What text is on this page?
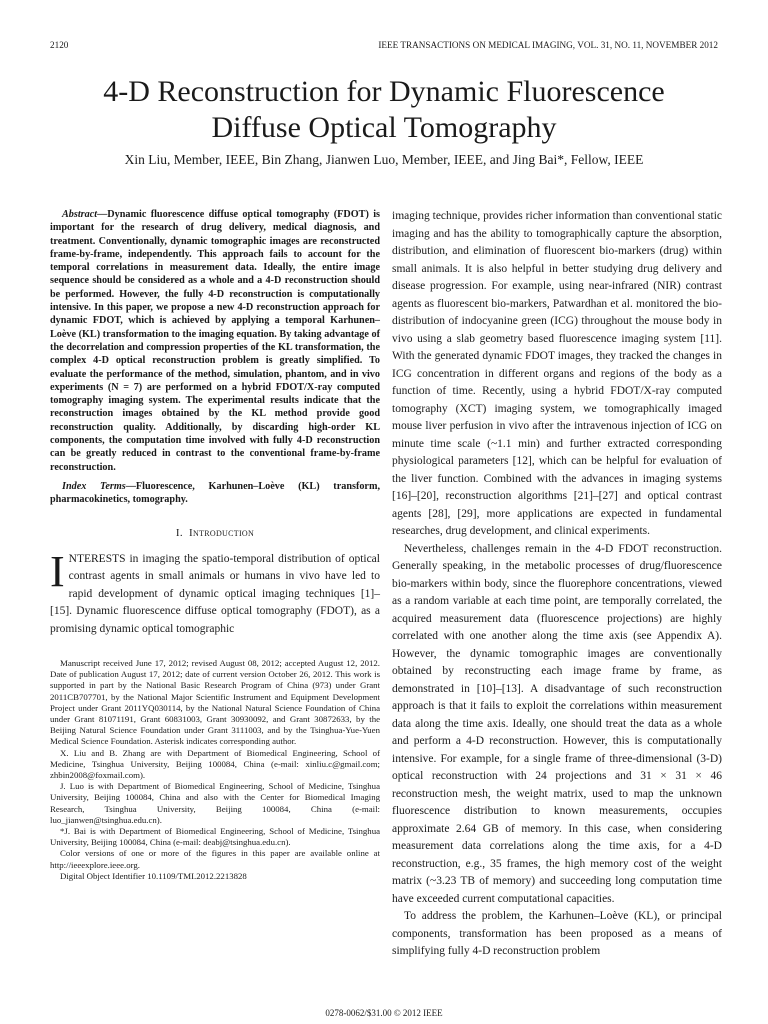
2120	IEEE TRANSACTIONS ON MEDICAL IMAGING, VOL. 31, NO. 11, NOVEMBER 2012
4-D Reconstruction for Dynamic Fluorescence
Diffuse Optical Tomography
Xin Liu, Member, IEEE, Bin Zhang, Jianwen Luo, Member, IEEE, and Jing Bai*, Fellow, IEEE

Abstract—Dynamic fluorescence diffuse optical tomography (FDOT) is important for the research of drug delivery, medical diagnosis, and treatment. Conventionally, dynamic tomographic images are reconstructed frame-by-frame, independently. This approach fails to account for the temporal correlations in measurement data. Ideally, the entire image sequence should be considered as a whole and a 4-D reconstruction should be performed. However, the fully 4-D reconstruction is computationally intensive. In this paper, we propose a new 4-D reconstruction approach for dynamic FDOT, which is achieved by applying a temporal Karhunen–Loève (KL) transformation to the imaging equation. By taking advantage of the decorrelation and compression properties of the KL transformation, the complex 4-D optical reconstruction problem is greatly simplified. To evaluate the performance of the method, simulation, phantom, and in vivo experiments (N = 7) are performed on a hybrid FDOT/X-ray computed tomography imaging system. The experimental results indicate that the reconstruction images obtained by the KL method provide good reconstruction quality. Additionally, by discarding high-order KL components, the computation time involved with fully 4-D reconstruction can be greatly reduced in contrast to the conventional frame-by-frame reconstruction.

Index Terms—Fluorescence, Karhunen–Loève (KL) transform, pharmacokinetics, tomography.

I. Introduction

INTERESTS in imaging the spatio-temporal distribution of optical contrast agents in small animals or humans in vivo have led to rapid development of dynamic optical imaging techniques [1]–[15]. Dynamic fluorescence diffuse optical tomography (FDOT), as a promising dynamic optical tomographic

Manuscript received June 17, 2012; revised August 08, 2012; accepted August 12, 2012. Date of publication August 17, 2012; date of current version October 26, 2012. This work is supported in part by the National Basic Research Program of China (973) under Grant 2011CB707701, by the National Major Scientific Instrument and Equipment Development Project under Grant 2011YQ030114, by the National Natural Science Foundation of China under Grant 81071191, Grant 60831003, Grant 30930092, and Grant 30872633, by the Beijing Natural Science Foundation under Grant 3111003, and by the Tsinghua-Yue-Yuen Medical Science Foundation. Asterisk indicates corresponding author.

X. Liu and B. Zhang are with Department of Biomedical Engineering, School of Medicine, Tsinghua University, Beijing 100084, China (e-mail: xinliu.c@gmail.com; zhbin2008@foxmail.com).

J. Luo is with Department of Biomedical Engineering, School of Medicine, Tsinghua University, Beijing 100084, China and also with the Center for Biomedical Imaging Research, Tsinghua University, Beijing 100084, China (e-mail: luo_jianwen@tsinghua.edu.cn).

*J. Bai is with Department of Biomedical Engineering, School of Medicine, Tsinghua University, Beijing 100084, China (e-mail: deabj@tsinghua.edu.cn).

Color versions of one or more of the figures in this paper are available online at http://ieeexplore.ieee.org.

Digital Object Identifier 10.1109/TMI.2012.2213828

imaging technique, provides richer information than conventional static imaging and has the ability to tomographically capture the absorption, distribution, and elimination of fluorescent bio-markers (drug) within small animals. It is also helpful in better studying drug delivery and disease progression. For example, using near-infrared (NIR) contrast agents as fluorescent bio-markers, Patwardhan et al. monitored the bio-distribution of indocyanine green (ICG) throughout the mouse body in vivo using a slab geometry based fluorescence imaging system [11]. With the generated dynamic FDOT images, they tracked the changes in ICG concentration in different organs and regions of the body as a function of time. Recently, using a hybrid FDOT/X-ray computed tomography (XCT) imaging system, we tomographically imaged mouse liver perfusion in vivo after the intravenous injection of ICG on minute time scale (~1.1 min) and further extracted corresponding physiological parameters [12], which can be helpful for evaluation of the liver function. Combined with the advances in imaging systems [16]–[20], reconstruction algorithms [21]–[27] and optical contrast agents [28], [29], more applications are expected in fundamental researches, drug development, and clinical experiments.

Nevertheless, challenges remain in the 4-D FDOT reconstruction. Generally speaking, in the metabolic processes of drug/fluorescence bio-markers within body, since the fluorephore concentrations, viewed as a random variable at each time point, are temporally correlated, the acquired measurement data (fluorescence projections) are highly correlated with one another along the time axis (see Appendix A). However, the dynamic tomographic images are conventionally obtained by reconstructing each image frame by frame, as demonstrated in [10]–[13]. A disadvantage of such reconstruction approach is that it fails to exploit the correlations within measurement data along the time axis. Ideally, one should treat the data as a whole and perform a 4-D reconstruction. However, this is computationally intensive. For example, for a single frame of three-dimensional (3-D) optical reconstruction with 24 projections and 31 × 31 × 46 reconstruction mesh, the weight matrix, used to map the unknown fluorescence distribution to known measurements, occupies approximate 2.64 GB of memory. In this case, when considering measurement data correlations along the time axis, for a 4-D reconstruction, e.g., 35 frames, the high memory cost of the weight matrix (~3.23 TB of memory) and succeeding long computation time have exceeded current computational capacities.

To address the problem, the Karhunen–Loève (KL), or principal components, transformation has been proposed as a means of simplifying fully 4-D reconstruction problem

0278-0062/$31.00 © 2012 IEEE
